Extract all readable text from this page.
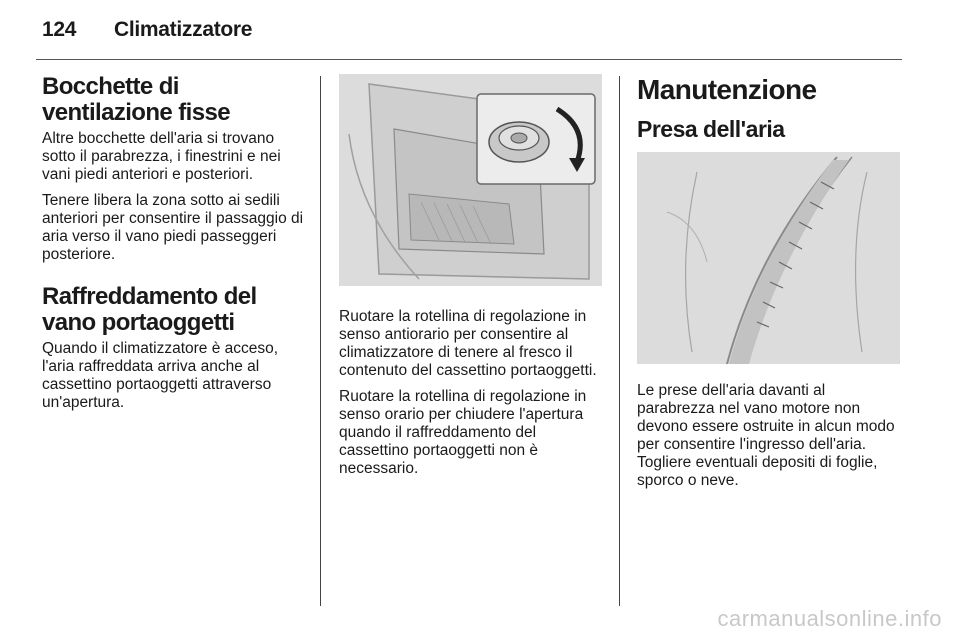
124 Climatizzatore
Bocchette di ventilazione fisse

Altre bocchette dell'aria si trovano sotto il parabrezza, i finestrini e nei vani piedi anteriori e posteriori.

Tenere libera la zona sotto ai sedili anteriori per consentire il passaggio di aria verso il vano piedi passeggeri posteriore.

Raffreddamento del vano portaoggetti

Quando il climatizzatore è acceso, l'aria raffreddata arriva anche al cassettino portaoggetti attraverso un'apertura.

Ruotare la rotellina di regolazione in senso antiorario per consentire al climatizzatore di tenere al fresco il contenuto del cassettino portaoggetti.

Ruotare la rotellina di regolazione in senso orario per chiudere l'apertura quando il raffreddamento del cassettino portaoggetti non è necessario.

Manutenzione
Presa dell'aria

Le prese dell'aria davanti al parabrezza nel vano motore non devono essere ostruite in alcun modo per consentire l'ingresso dell'aria. Togliere eventuali depositi di foglie, sporco o neve.

carmanualsonline.info
